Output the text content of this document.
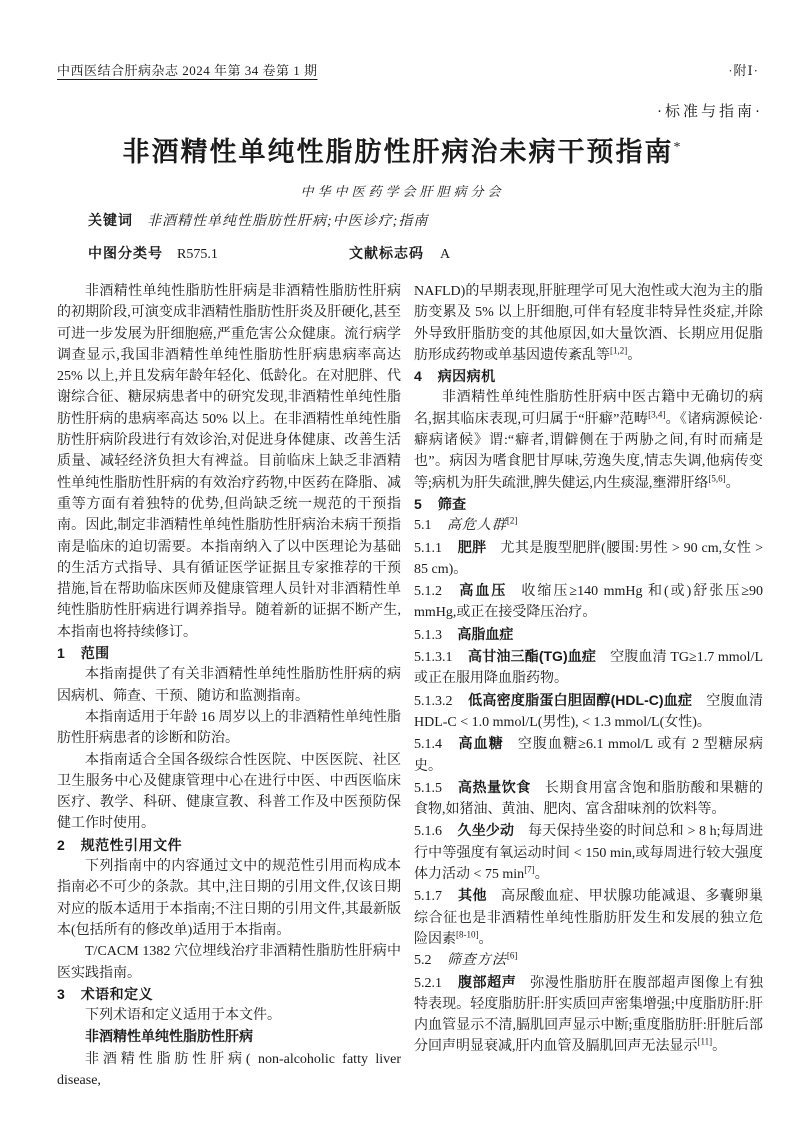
中西医结合肝病杂志 2024 年第 34 卷第 1 期	·附Ⅰ·
·标准与指南·
非酒精性单纯性脂肪性肝病治未病干预指南*
中华中医药学会肝胆病分会
关键词 非酒精性单纯性脂肪性肝病;中医诊疗;指南
中图分类号 R575.1	文献标志码 A

非酒精性单纯性脂肪性肝病是非酒精性脂肪性肝病的初期阶段,可演变成非酒精性脂肪性肝炎及肝硬化,甚至可进一步发展为肝细胞癌,严重危害公众健康。流行病学调查显示,我国非酒精性单纯性脂肪性肝病患病率高达 25% 以上,并且发病年龄年轻化、低龄化。在对肥胖、代谢综合征、糖尿病患者中的研究发现,非酒精性单纯性脂肪性肝病的患病率高达 50% 以上。在非酒精性单纯性脂肪性肝病阶段进行有效诊治,对促进身体健康、改善生活质量、减轻经济负担大有裨益。目前临床上缺乏非酒精性单纯性脂肪性肝病的有效治疗药物,中医药在降脂、减重等方面有着独特的优势,但尚缺乏统一规范的干预指南。因此,制定非酒精性单纯性脂肪性肝病治未病干预指南是临床的迫切需要。本指南纳入了以中医理论为基础的生活方式指导、具有循证医学证据且专家推荐的干预措施,旨在帮助临床医师及健康管理人员针对非酒精性单纯性脂肪性肝病进行调养指导。随着新的证据不断产生,本指南也将持续修订。

1 范围

本指南提供了有关非酒精性单纯性脂肪性肝病的病因病机、筛查、干预、随访和监测指南。

本指南适用于年龄 16 周岁以上的非酒精性单纯性脂肪性肝病患者的诊断和防治。

本指南适合全国各级综合性医院、中医医院、社区卫生服务中心及健康管理中心在进行中医、中西医临床医疗、教学、科研、健康宣教、科普工作及中医预防保健工作时使用。

2 规范性引用文件

下列指南中的内容通过文中的规范性引用而构成本指南必不可少的条款。其中,注日期的引用文件,仅该日期对应的版本适用于本指南;不注日期的引用文件,其最新版本(包括所有的修改单)适用于本指南。

T/CACM 1382 穴位埋线治疗非酒精性脂肪性肝病中医实践指南。

3 术语和定义

下列术语和定义适用于本文件。

非酒精性单纯性脂肪性肝病

非酒精性脂肪性肝病( non-alcoholic fatty liver disease,

NAFLD)的早期表现,肝脏理学可见大泡性或大泡为主的脂肪变累及 5% 以上肝细胞,可伴有轻度非特异性炎症,并除外导致肝脂肪变的其他原因,如大量饮酒、长期应用促脂肪形成药物或单基因遗传紊乱等[1,2]。

4 病因病机

非酒精性单纯性脂肪性肝病中医古籍中无确切的病名,据其临床表现,可归属于“肝癖”范畴[3,4]。《诸病源候论·癖病诸候》谓:“癖者,谓僻侧在于两胁之间,有时而痛是也”。病因为嗜食肥甘厚味,劳逸失度,情志失调,他病传变等;病机为肝失疏泄,脾失健运,内生痰湿,壅滞肝络[5,6]。

5 筛查

5.1 高危人群[2]

5.1.1 肥胖 尤其是腹型肥胖(腰围:男性 > 90 cm,女性 > 85 cm)。

5.1.2 高血压 收缩压≥140 mmHg 和(或)舒张压≥90 mmHg,或正在接受降压治疗。

5.1.3 高脂血症

5.1.3.1 高甘油三酯(TG)血症 空腹血清 TG≥1.7 mmol/L 或正在服用降血脂药物。

5.1.3.2 低高密度脂蛋白胆固醇(HDL-C)血症 空腹血清 HDL-C < 1.0 mmol/L(男性), < 1.3 mmol/L(女性)。

5.1.4 高血糖 空腹血糖≥6.1 mmol/L 或有 2 型糖尿病史。

5.1.5 高热量饮食 长期食用富含饱和脂肪酸和果糖的食物,如猪油、黄油、肥肉、富含甜味剂的饮料等。

5.1.6 久坐少动 每天保持坐姿的时间总和 > 8 h;每周进行中等强度有氧运动时间 < 150 min,或每周进行较大强度体力活动 < 75 min[7]。

5.1.7 其他 高尿酸血症、甲状腺功能减退、多囊卵巢综合征也是非酒精性单纯性脂肪肝发生和发展的独立危险因素[8-10]。

5.2 筛查方法[6]

5.2.1 腹部超声 弥漫性脂肪肝在腹部超声图像上有独特表现。轻度脂肪肝:肝实质回声密集增强;中度脂肪肝:肝内血管显示不清,膈肌回声显示中断;重度脂肪肝:肝脏后部分回声明显衰减,肝内血管及膈肌回声无法显示[11]。
